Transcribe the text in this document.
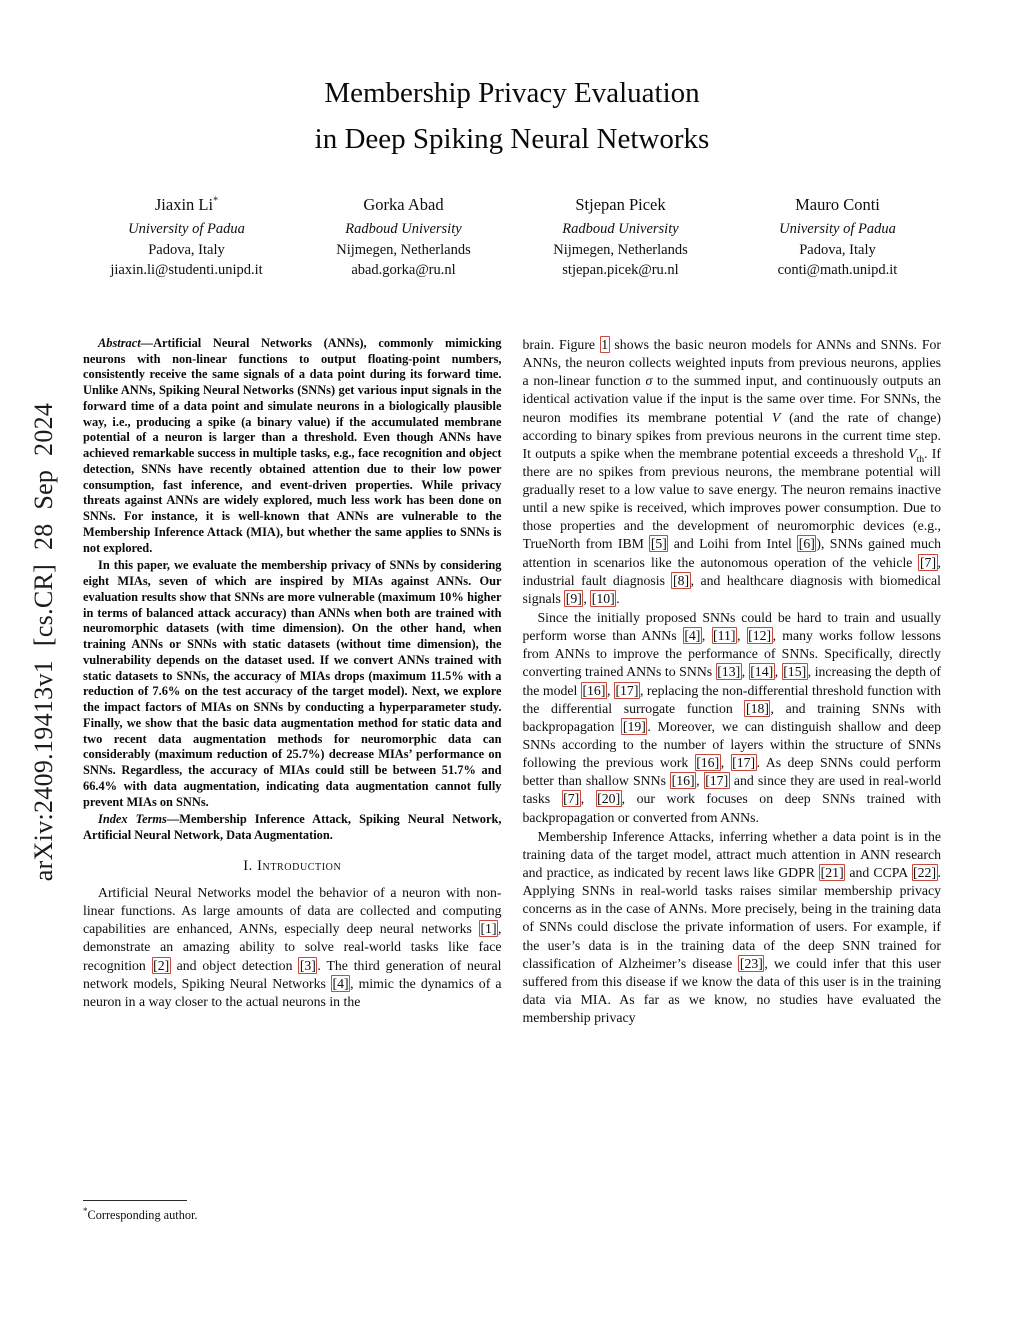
arXiv:2409.19413v1 [cs.CR] 28 Sep 2024
Membership Privacy Evaluation
in Deep Spiking Neural Networks
Jiaxin Li*
University of Padua
Padova, Italy
jiaxin.li@studenti.unipd.it
Gorka Abad
Radboud University
Nijmegen, Netherlands
abad.gorka@ru.nl
Stjepan Picek
Radboud University
Nijmegen, Netherlands
stjepan.picek@ru.nl
Mauro Conti
University of Padua
Padova, Italy
conti@math.unipd.it

Abstract—Artificial Neural Networks (ANNs), commonly mimicking neurons with non-linear functions to output floating-point numbers, consistently receive the same signals of a data point during its forward time. Unlike ANNs, Spiking Neural Networks (SNNs) get various input signals in the forward time of a data point and simulate neurons in a biologically plausible way, i.e., producing a spike (a binary value) if the accumulated membrane potential of a neuron is larger than a threshold. Even though ANNs have achieved remarkable success in multiple tasks, e.g., face recognition and object detection, SNNs have recently obtained attention due to their low power consumption, fast inference, and event-driven properties. While privacy threats against ANNs are widely explored, much less work has been done on SNNs. For instance, it is well-known that ANNs are vulnerable to the Membership Inference Attack (MIA), but whether the same applies to SNNs is not explored.

In this paper, we evaluate the membership privacy of SNNs by considering eight MIAs, seven of which are inspired by MIAs against ANNs. Our evaluation results show that SNNs are more vulnerable (maximum 10% higher in terms of balanced attack accuracy) than ANNs when both are trained with neuromorphic datasets (with time dimension). On the other hand, when training ANNs or SNNs with static datasets (without time dimension), the vulnerability depends on the dataset used. If we convert ANNs trained with static datasets to SNNs, the accuracy of MIAs drops (maximum 11.5% with a reduction of 7.6% on the test accuracy of the target model). Next, we explore the impact factors of MIAs on SNNs by conducting a hyperparameter study. Finally, we show that the basic data augmentation method for static data and two recent data augmentation methods for neuromorphic data can considerably (maximum reduction of 25.7%) decrease MIAs’ performance on SNNs. Regardless, the accuracy of MIAs could still be between 51.7% and 66.4% with data augmentation, indicating data augmentation cannot fully prevent MIAs on SNNs.

Index Terms—Membership Inference Attack, Spiking Neural Network, Artificial Neural Network, Data Augmentation.

I. Introduction

Artificial Neural Networks model the behavior of a neuron with non-linear functions. As large amounts of data are collected and computing capabilities are enhanced, ANNs, especially deep neural networks [1] , demonstrate an amazing ability to solve real-world tasks like face recognition [2] and object detection [3] . The third generation of neural network models, Spiking Neural Networks [4] , mimic the dynamics of a neuron in a way closer to the actual neurons in the

*Corresponding author.

brain. Figure 1 shows the basic neuron models for ANNs and SNNs. For ANNs, the neuron collects weighted inputs from previous neurons, applies a non-linear function σ to the summed input, and continuously outputs an identical activation value if the input is the same over time. For SNNs, the neuron modifies its membrane potential V (and the rate of change) according to binary spikes from previous neurons in the current time step. It outputs a spike when the membrane potential exceeds a threshold $V_{th}$. If there are no spikes from previous neurons, the membrane potential will gradually reset to a low value to save energy. The neuron remains inactive until a new spike is received, which improves power consumption. Due to those properties and the development of neuromorphic devices (e.g., TrueNorth from IBM [5] and Loihi from Intel [6] ), SNNs gained much attention in scenarios like the autonomous operation of the vehicle [7] , industrial fault diagnosis [8] , and healthcare diagnosis with biomedical signals [9] , [10] .

Since the initially proposed SNNs could be hard to train and usually perform worse than ANNs [4] , [11] , [12] , many works follow lessons from ANNs to improve the performance of SNNs. Specifically, directly converting trained ANNs to SNNs [13] , [14] , [15] , increasing the depth of the model [16] , [17] , replacing the non-differential threshold function with the differential surrogate function [18] , and training SNNs with backpropagation [19] . Moreover, we can distinguish shallow and deep SNNs according to the number of layers within the structure of SNNs following the previous work [16] , [17] . As deep SNNs could perform better than shallow SNNs [16] , [17] and since they are used in real-world tasks [7] , [20] , our work focuses on deep SNNs trained with backpropagation or converted from ANNs.

Membership Inference Attacks, inferring whether a data point is in the training data of the target model, attract much attention in ANN research and practice, as indicated by recent laws like GDPR [21] and CCPA [22] . Applying SNNs in real-world tasks raises similar membership privacy concerns as in the case of ANNs. More precisely, being in the training data of SNNs could disclose the private information of users. For example, if the user’s data is in the training data of the deep SNN trained for classification of Alzheimer’s disease [23] , we could infer that this user suffered from this disease if we know the data of this user is in the training data via MIA. As far as we know, no studies have evaluated the membership privacy
